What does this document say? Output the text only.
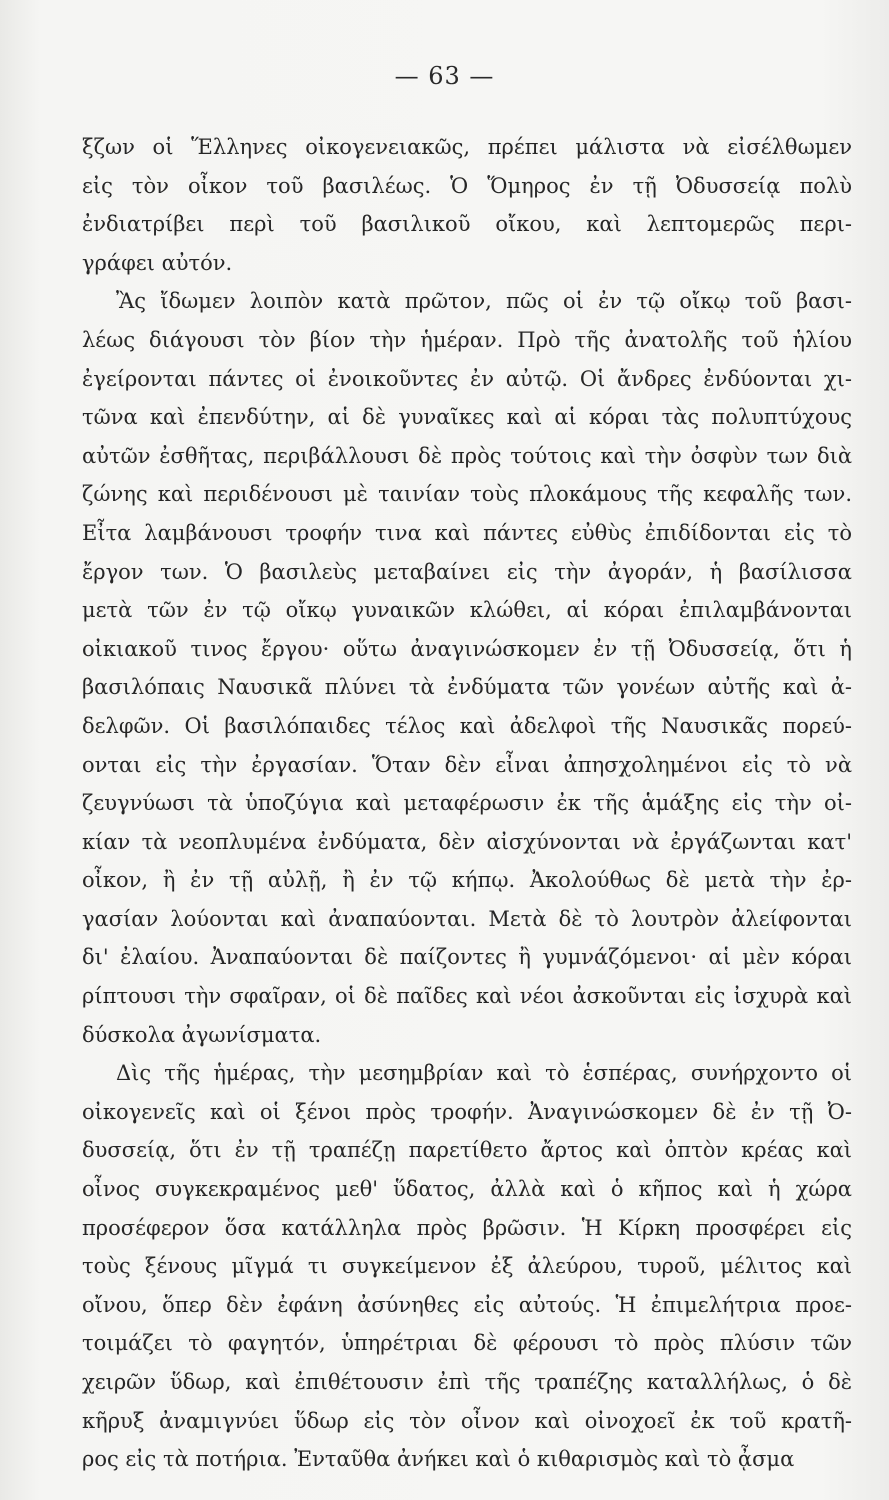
— 63 —
ξζων οἱ Ἕλληνες οἰκογενειακῶς, πρέπει μάλιστα νὰ εἰσέλθωμεν
εἰς τὸν οἶκον τοῦ βασιλέως. Ὁ Ὅμηρος ἐν τῇ Ὀδυσσείᾳ πολὺ
ἐνδιατρίβει περὶ τοῦ βασιλικοῦ οἴκου, καὶ λεπτομερῶς περι-
γράφει αὐτόν.
Ἂς ἴδωμεν λοιπὸν κατὰ πρῶτον, πῶς οἱ ἐν τῷ οἴκῳ τοῦ βασι-
λέως διάγουσι τὸν βίον τὴν ἡμέραν. Πρὸ τῆς ἀνατολῆς τοῦ ἡλίου
ἐγείρονται πάντες οἱ ἐνοικοῦντες ἐν αὐτῷ. Οἱ ἄνδρες ἐνδύονται χι-
τῶνα καὶ ἐπενδύτην, αἱ δὲ γυναῖκες καὶ αἱ κόραι τὰς πολυπτύχους
αὐτῶν ἐσθῆτας, περιβάλλουσι δὲ πρὸς τούτοις καὶ τὴν ὀσφὺν των διὰ
ζώνης καὶ περιδένουσι μὲ ταινίαν τοὺς πλοκάμους τῆς κεφαλῆς των.
Εἶτα λαμβάνουσι τροφήν τινα καὶ πάντες εὐθὺς ἐπιδίδονται εἰς τὸ
ἔργον των. Ὁ βασιλεὺς μεταβαίνει εἰς τὴν ἀγοράν, ἡ βασίλισσα
μετὰ τῶν ἐν τῷ οἴκῳ γυναικῶν κλώθει, αἱ κόραι ἐπιλαμβάνονται
οἰκιακοῦ τινος ἔργου· οὕτω ἀναγινώσκομεν ἐν τῇ Ὀδυσσείᾳ, ὅτι ἡ
βασιλόπαις Ναυσικᾶ πλύνει τὰ ἐνδύματα τῶν γονέων αὐτῆς καὶ ἀ-
δελφῶν. Οἱ βασιλόπαιδες τέλος καὶ ἀδελφοὶ τῆς Ναυσικᾶς πορεύ-
ονται εἰς τὴν ἐργασίαν. Ὅταν δὲν εἶναι ἀπησχολημένοι εἰς τὸ νὰ
ζευγνύωσι τὰ ὑποζύγια καὶ μεταφέρωσιν ἐκ τῆς ἁμάξης εἰς τὴν οἰ-
κίαν τὰ νεοπλυμένα ἐνδύματα, δὲν αἰσχύνονται νὰ ἐργάζωνται κατ'
οἶκον, ἢ ἐν τῇ αὐλῇ, ἢ ἐν τῷ κήπῳ. Ἀκολούθως δὲ μετὰ τὴν ἐρ-
γασίαν λούονται καὶ ἀναπαύονται. Μετὰ δὲ τὸ λουτρὸν ἀλείφονται
δι' ἐλαίου. Ἀναπαύονται δὲ παίζοντες ἢ γυμνάζόμενοι· αἱ μὲν κόραι
ρίπτουσι τὴν σφαῖραν, οἱ δὲ παῖδες καὶ νέοι ἀσκοῦνται εἰς ἰσχυρὰ καὶ
δύσκολα ἀγωνίσματα.
Δὶς τῆς ἡμέρας, τὴν μεσημβρίαν καὶ τὸ ἑσπέρας, συνήρχοντο οἱ
οἰκογενεῖς καὶ οἱ ξένοι πρὸς τροφήν. Ἀναγινώσκομεν δὲ ἐν τῇ Ὀ-
δυσσείᾳ, ὅτι ἐν τῇ τραπέζῃ παρετίθετο ἄρτος καὶ ὀπτὸν κρέας καὶ
οἶνος συγκεκραμένος μεθ' ὕδατος, ἀλλὰ καὶ ὁ κῆπος καὶ ἡ χώρα
προσέφερον ὅσα κατάλληλα πρὸς βρῶσιν. Ἡ Κίρκη προσφέρει εἰς
τοὺς ξένους μῖγμά τι συγκείμενον ἐξ ἀλεύρου, τυροῦ, μέλιτος καὶ
οἴνου, ὅπερ δὲν ἐφάνη ἀσύνηθες εἰς αὐτούς. Ἡ ἐπιμελήτρια προε-
τοιμάζει τὸ φαγητόν, ὑπηρέτριαι δὲ φέρουσι τὸ πρὸς πλύσιν τῶν
χειρῶν ὕδωρ, καὶ ἐπιθέτουσιν ἐπὶ τῆς τραπέζης καταλλήλως, ὁ δὲ
κῆρυξ ἀναμιγνύει ὕδωρ εἰς τὸν οἶνον καὶ οἰνοχοεῖ ἐκ τοῦ κρατῆ-
ρος εἰς τὰ ποτήρια. Ἐνταῦθα ἀνήκει καὶ ὁ κιθαρισμὸς καὶ τὸ ᾆσμα
